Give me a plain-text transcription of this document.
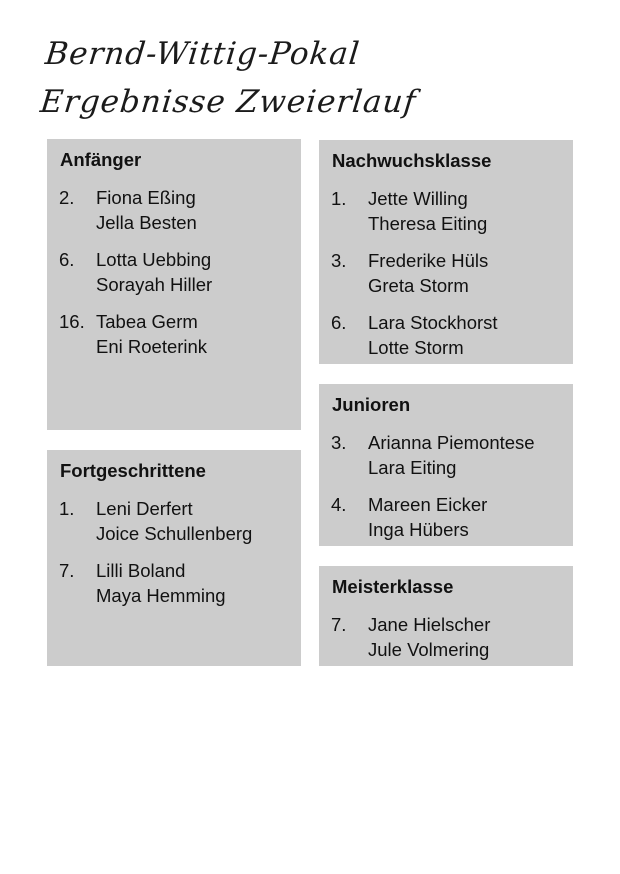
Bernd-Wittig-Pokal
Ergebnisse Zweierlauf
Anfänger
2.	Fiona Eßing
Jella Besten
6.	Lotta Uebbing
Sorayah Hiller
16. Tabea Germ
Eni Roeterink
Fortgeschrittene
1.	Leni Derfert
Joice Schullenberg
7.	Lilli Boland
Maya Hemming
Nachwuchsklasse
1.	Jette Willing
Theresa Eiting
3.	Frederike Hüls
Greta Storm
6.	Lara Stockhorst
Lotte Storm
Junioren
3.	Arianna Piemontese
Lara Eiting
4.	Mareen Eicker
Inga Hübers
Meisterklasse
7.	Jane Hielscher
Jule Volmering
